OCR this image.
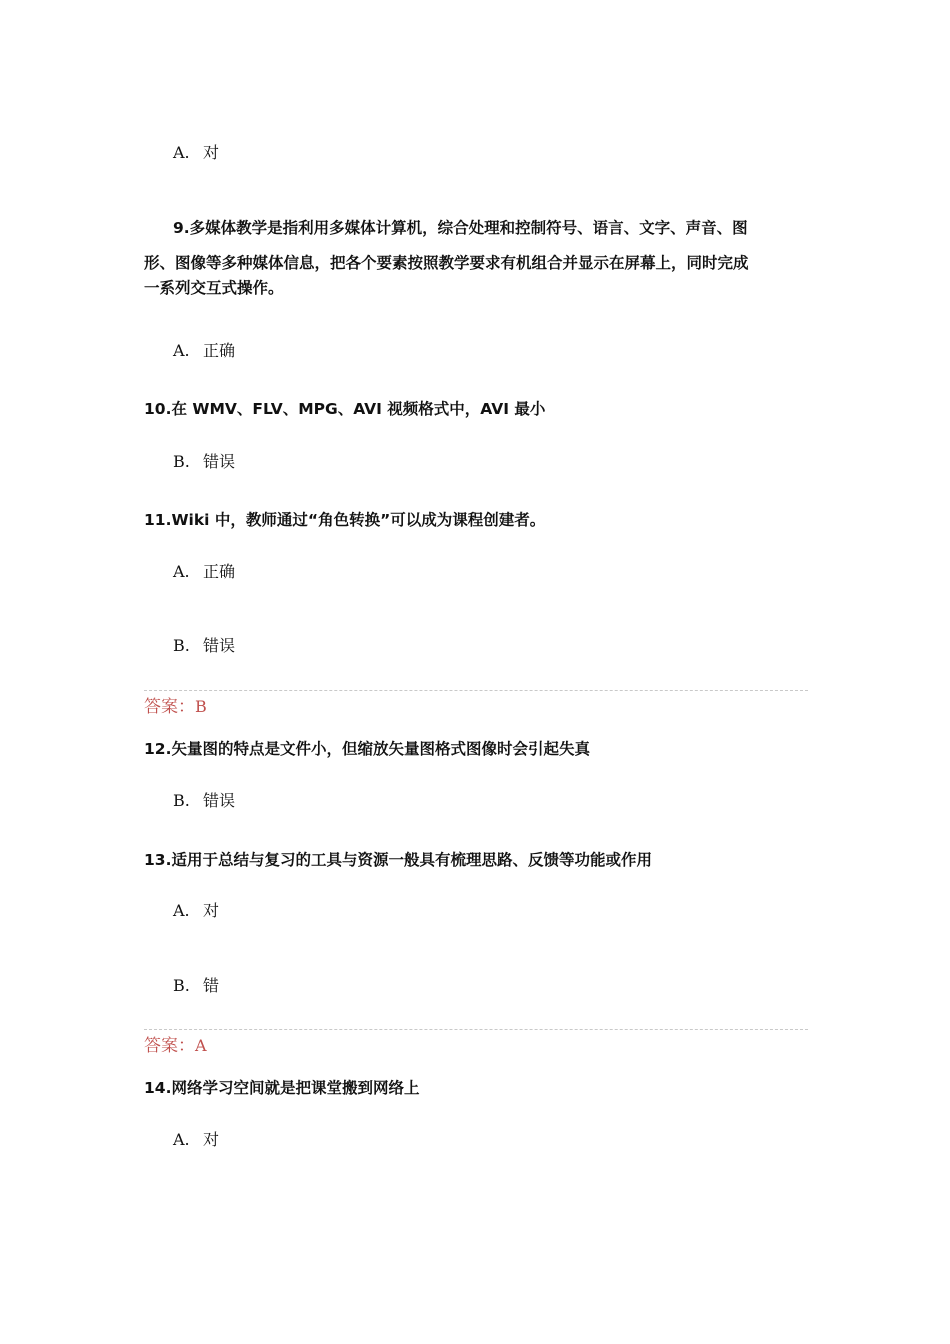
A. 对
9.多媒体教学是指利用多媒体计算机，综合处理和控制符号、语言、文字、声音、图
形、图像等多种媒体信息，把各个要素按照教学要求有机组合并显示在屏幕上，同时完成
一系列交互式操作。
A. 正确
10.在 WMV、FLV、MPG、AVI 视频格式中，AVI 最小
B. 错误
11.Wiki 中，教师通过“角色转换”可以成为课程创建者。
A. 正确
B. 错误
答案：B
12.矢量图的特点是文件小，但缩放矢量图格式图像时会引起失真
B. 错误
13.适用于总结与复习的工具与资源一般具有梳理思路、反馈等功能或作用
A. 对
B. 错
答案：A
14.网络学习空间就是把课堂搬到网络上
A. 对
